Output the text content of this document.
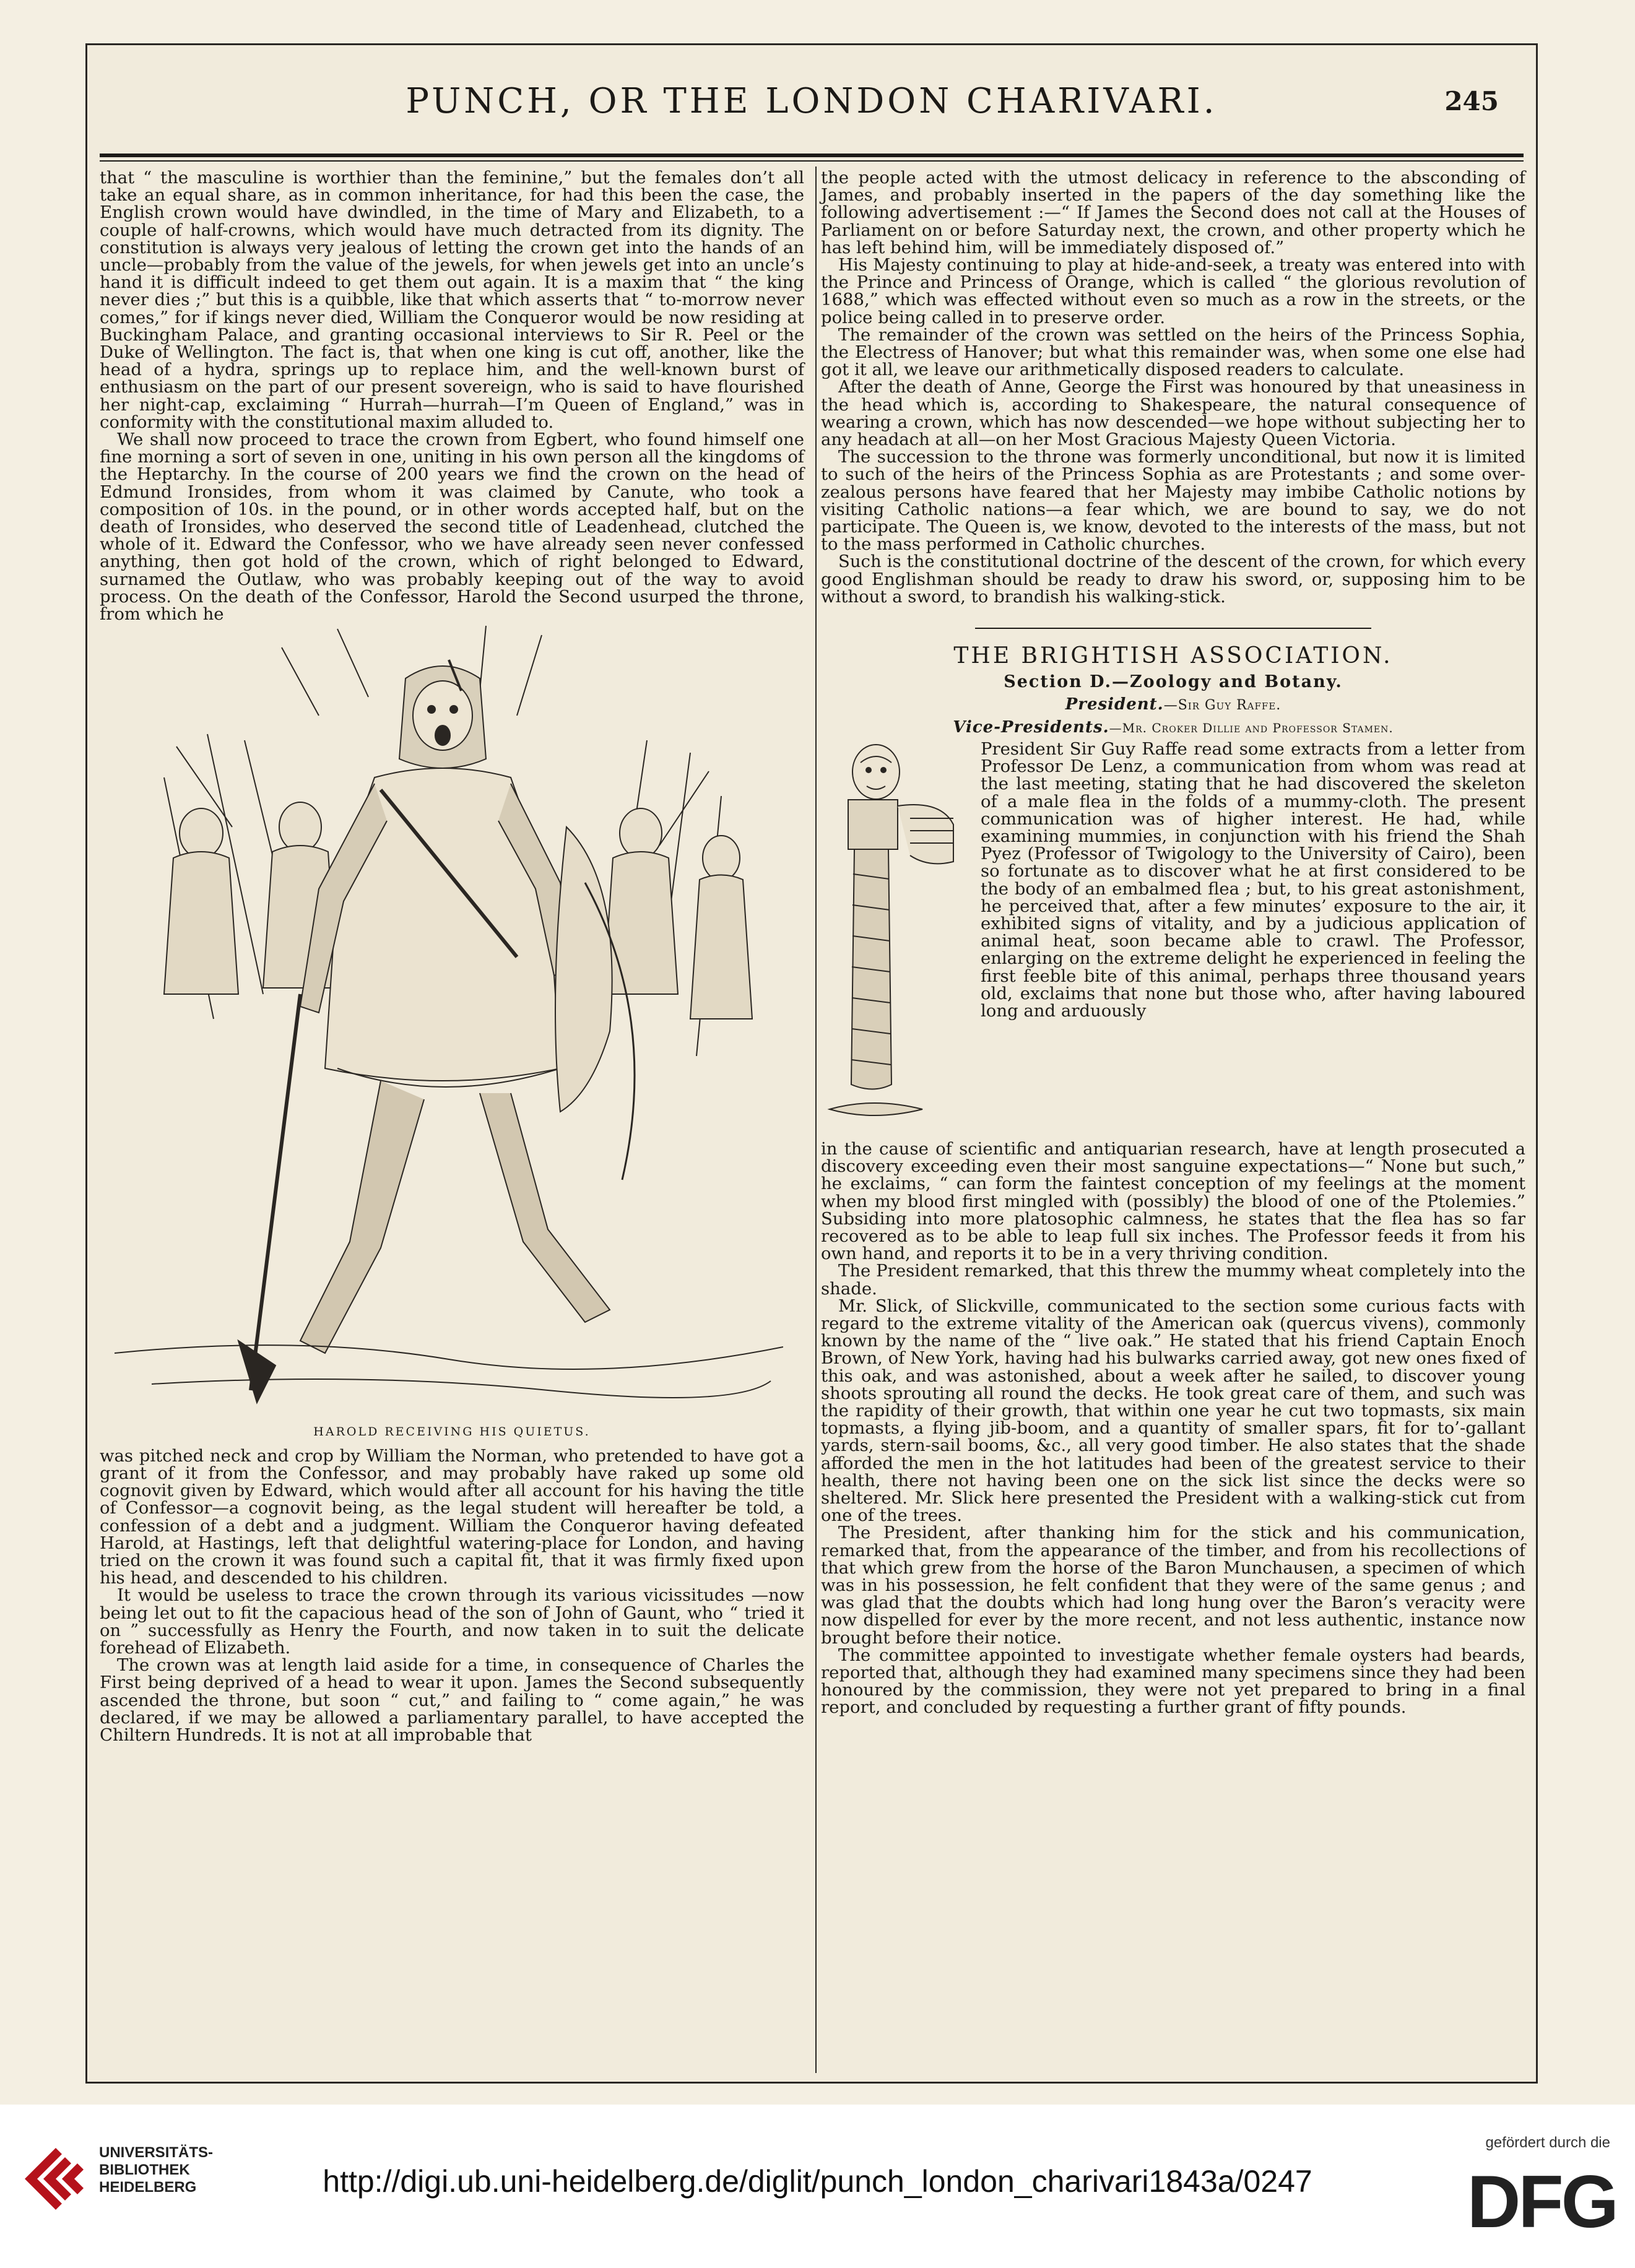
PUNCH, OR THE LONDON CHARIVARI.	245

that “ the masculine is worthier than the feminine,” but the females don’t all take an equal share, as in common inheritance, for had this been the case, the English crown would have dwindled, in the time of Mary and Elizabeth, to a couple of half-crowns, which would have much detracted from its dignity. The constitution is always very jealous of letting the crown get into the hands of an uncle—probably from the value of the jewels, for when jewels get into an uncle’s hand it is difficult indeed to get them out again. It is a maxim that “ the king never dies ;” but this is a quibble, like that which asserts that “ to-morrow never comes,” for if kings never died, William the Conqueror would be now residing at Buckingham Palace, and granting occasional interviews to Sir R. Peel or the Duke of Wellington. The fact is, that when one king is cut off, another, like the head of a hydra, springs up to replace him, and the well-known burst of enthusiasm on the part of our present sovereign, who is said to have flourished her night-cap, exclaiming “ Hurrah—hurrah—I’m Queen of England,” was in conformity with the constitutional maxim alluded to.

We shall now proceed to trace the crown from Egbert, who found himself one fine morning a sort of seven in one, uniting in his own person all the kingdoms of the Heptarchy. In the course of 200 years we find the crown on the head of Edmund Ironsides, from whom it was claimed by Canute, who took a composition of 10s. in the pound, or in other words accepted half, but on the death of Ironsides, who deserved the second title of Leadenhead, clutched the whole of it. Edward the Confessor, who we have already seen never confessed anything, then got hold of the crown, which of right belonged to Edward, surnamed the Outlaw, who was probably keeping out of the way to avoid process. On the death of the Confessor, Harold the Second usurped the throne, from which he

HAROLD RECEIVING HIS QUIETUS.

was pitched neck and crop by William the Norman, who pretended to have got a grant of it from the Confessor, and may probably have raked up some old cognovit given by Edward, which would after all account for his having the title of Confessor—a cognovit being, as the legal student will hereafter be told, a confession of a debt and a judgment. William the Conqueror having defeated Harold, at Hastings, left that delightful watering-place for London, and having tried on the crown it was found such a capital fit, that it was firmly fixed upon his head, and descended to his children.

It would be useless to trace the crown through its various vicissitudes —now being let out to fit the capacious head of the son of John of Gaunt, who “ tried it on ” successfully as Henry the Fourth, and now taken in to suit the delicate forehead of Elizabeth.

The crown was at length laid aside for a time, in consequence of Charles the First being deprived of a head to wear it upon. James the Second subsequently ascended the throne, but soon “ cut,” and failing to “ come again,” he was declared, if we may be allowed a parliamentary parallel, to have accepted the Chiltern Hundreds. It is not at all improbable that

the people acted with the utmost delicacy in reference to the absconding of James, and probably inserted in the papers of the day something like the following advertisement :—“ If James the Second does not call at the Houses of Parliament on or before Saturday next, the crown, and other property which he has left behind him, will be immediately disposed of.”

His Majesty continuing to play at hide-and-seek, a treaty was entered into with the Prince and Princess of Orange, which is called “ the glorious revolution of 1688,” which was effected without even so much as a row in the streets, or the police being called in to preserve order.

The remainder of the crown was settled on the heirs of the Princess Sophia, the Electress of Hanover; but what this remainder was, when some one else had got it all, we leave our arithmetically disposed readers to calculate.

After the death of Anne, George the First was honoured by that uneasiness in the head which is, according to Shakespeare, the natural consequence of wearing a crown, which has now descended—we hope without subjecting her to any headach at all—on her Most Gracious Majesty Queen Victoria.

The succession to the throne was formerly unconditional, but now it is limited to such of the heirs of the Princess Sophia as are Protestants ; and some over-zealous persons have feared that her Majesty may imbibe Catholic notions by visiting Catholic nations—a fear which, we are bound to say, we do not participate. The Queen is, we know, devoted to the interests of the mass, but not to the mass performed in Catholic churches.

Such is the constitutional doctrine of the descent of the crown, for which every good Englishman should be ready to draw his sword, or, supposing him to be without a sword, to brandish his walking-stick.

THE BRIGHTISH ASSOCIATION.
Section D.—Zoology and Botany.
President.—Sir Guy Raffe.
Vice-Presidents.—Mr. Croker Dillie and Professor Stamen.

President Sir Guy Raffe read some extracts from a letter from Professor De Lenz, a communication from whom was read at the last meeting, stating that he had discovered the skeleton of a male flea in the folds of a mummy-cloth. The present communication was of higher interest. He had, while examining mummies, in conjunction with his friend the Shah Pyez (Professor of Twigology to the University of Cairo), been so fortunate as to discover what he at first considered to be the body of an embalmed flea ; but, to his great astonishment, he perceived that, after a few minutes’ exposure to the air, it exhibited signs of vitality, and by a judicious application of animal heat, soon became able to crawl. The Professor, enlarging on the extreme delight he experienced in feeling the first feeble bite of this animal, perhaps three thousand years old, exclaims that none but those who, after having laboured long and arduously

in the cause of scientific and antiquarian research, have at length prosecuted a discovery exceeding even their most sanguine expectations—“ None but such,” he exclaims, “ can form the faintest conception of my feelings at the moment when my blood first mingled with (possibly) the blood of one of the Ptolemies.” Subsiding into more platosophic calmness, he states that the flea has so far recovered as to be able to leap full six inches. The Professor feeds it from his own hand, and reports it to be in a very thriving condition.

The President remarked, that this threw the mummy wheat completely into the shade.

Mr. Slick, of Slickville, communicated to the section some curious facts with regard to the extreme vitality of the American oak (quercus vivens), commonly known by the name of the “ live oak.” He stated that his friend Captain Enoch Brown, of New York, having had his bulwarks carried away, got new ones fixed of this oak, and was astonished, about a week after he sailed, to discover young shoots sprouting all round the decks. He took great care of them, and such was the rapidity of their growth, that within one year he cut two topmasts, six main topmasts, a flying jib-boom, and a quantity of smaller spars, fit for to’-gallant yards, stern-sail booms, &c., all very good timber. He also states that the shade afforded the men in the hot latitudes had been of the greatest service to their health, there not having been one on the sick list since the decks were so sheltered. Mr. Slick here presented the President with a walking-stick cut from one of the trees.

The President, after thanking him for the stick and his communication, remarked that, from the appearance of the timber, and from his recollections of that which grew from the horse of the Baron Munchausen, a specimen of which was in his possession, he felt confident that they were of the same genus ; and was glad that the doubts which had long hung over the Baron’s veracity were now dispelled for ever by the more recent, and not less authentic, instance now brought before their notice.

The committee appointed to investigate whether female oysters had beards, reported that, although they had examined many specimens since they had been honoured by the commission, they were not yet prepared to bring in a final report, and concluded by requesting a further grant of fifty pounds.

UNIVERSITÄTS-
BIBLIOTHEK
HEIDELBERG	http://digi.ub.uni-heidelberg.de/diglit/punch_london_charivari1843a/0247
gefördert durch die
DFG
